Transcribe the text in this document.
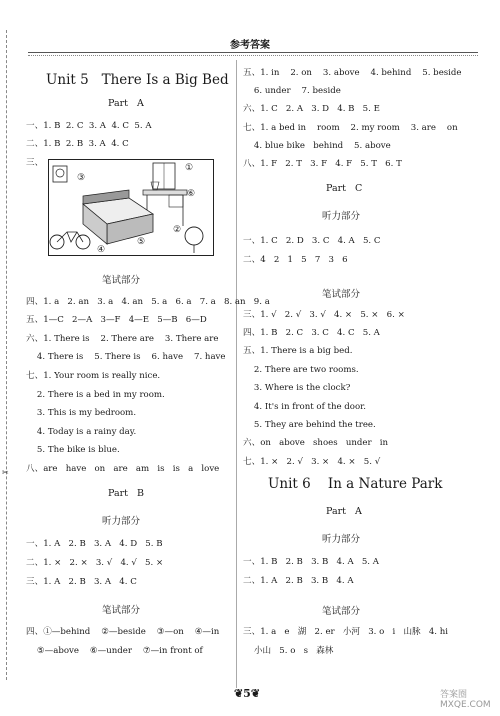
✂
参考答案
Unit 5   There Is a Big Bed
Part   A
一、1. B  2. C  3. A  4. C  5. A
二、1. B  2. B  3. A  4. C
三、
③
⑥
①
⑤
④
②
笔试部分
四、1. a   2. an   3. a   4. an   5. a   6. a   7. a   8. an   9. a
五、1—C   2—A   3—F   4—E   5—B   6—D
六、1. There is    2. There are    3. There are
4. There is    5. There is    6. have    7. have
七、1. Your room is really nice.
2. There is a bed in my room.
3. This is my bedroom.
4. Today is a rainy day.
5. The bike is blue.
八、are   have   on   are   am   is   is   a   love
Part   B
听力部分
一、1. A   2. B   3. A   4. D   5. B
二、1. ×   2. ×   3. √   4. √   5. ×
三、1. A   2. B   3. A   4. C
笔试部分
四、①—behind    ②—beside    ③—on    ④—in
⑤—above    ⑥—under    ⑦—in front of
五、1. in    2. on    3. above    4. behind    5. beside
6. under    7. beside
六、1. C   2. A   3. D   4. B   5. E
七、1. a bed in    room    2. my room    3. are    on
4. blue bike   behind    5. above
八、1. F   2. T   3. F   4. F   5. T   6. T
Part   C
听力部分
一、1. C   2. D   3. C   4. A   5. C
二、4   2   1   5   7   3   6
笔试部分
三、1. √   2. √   3. √   4. ×   5. ×   6. ×
四、1. B   2. C   3. C   4. C   5. A
五、1. There is a big bed.
2. There are two rooms.
3. Where is the clock?
4. It's in front of the door.
5. They are behind the tree.
六、on   above   shoes   under   in
七、1. ×   2. √   3. ×   4. ×   5. √
Unit 6    In a Nature Park
Part   A
听力部分
一、1. B   2. B   3. B   4. A   5. A
二、1. A   2. B   3. B   4. A
笔试部分
三、1. a   e   湖   2. er   小河   3. o   i   山脉   4. hi
小山   5. o   s   森林
❦5❦	答案圈
MXQE.COM
